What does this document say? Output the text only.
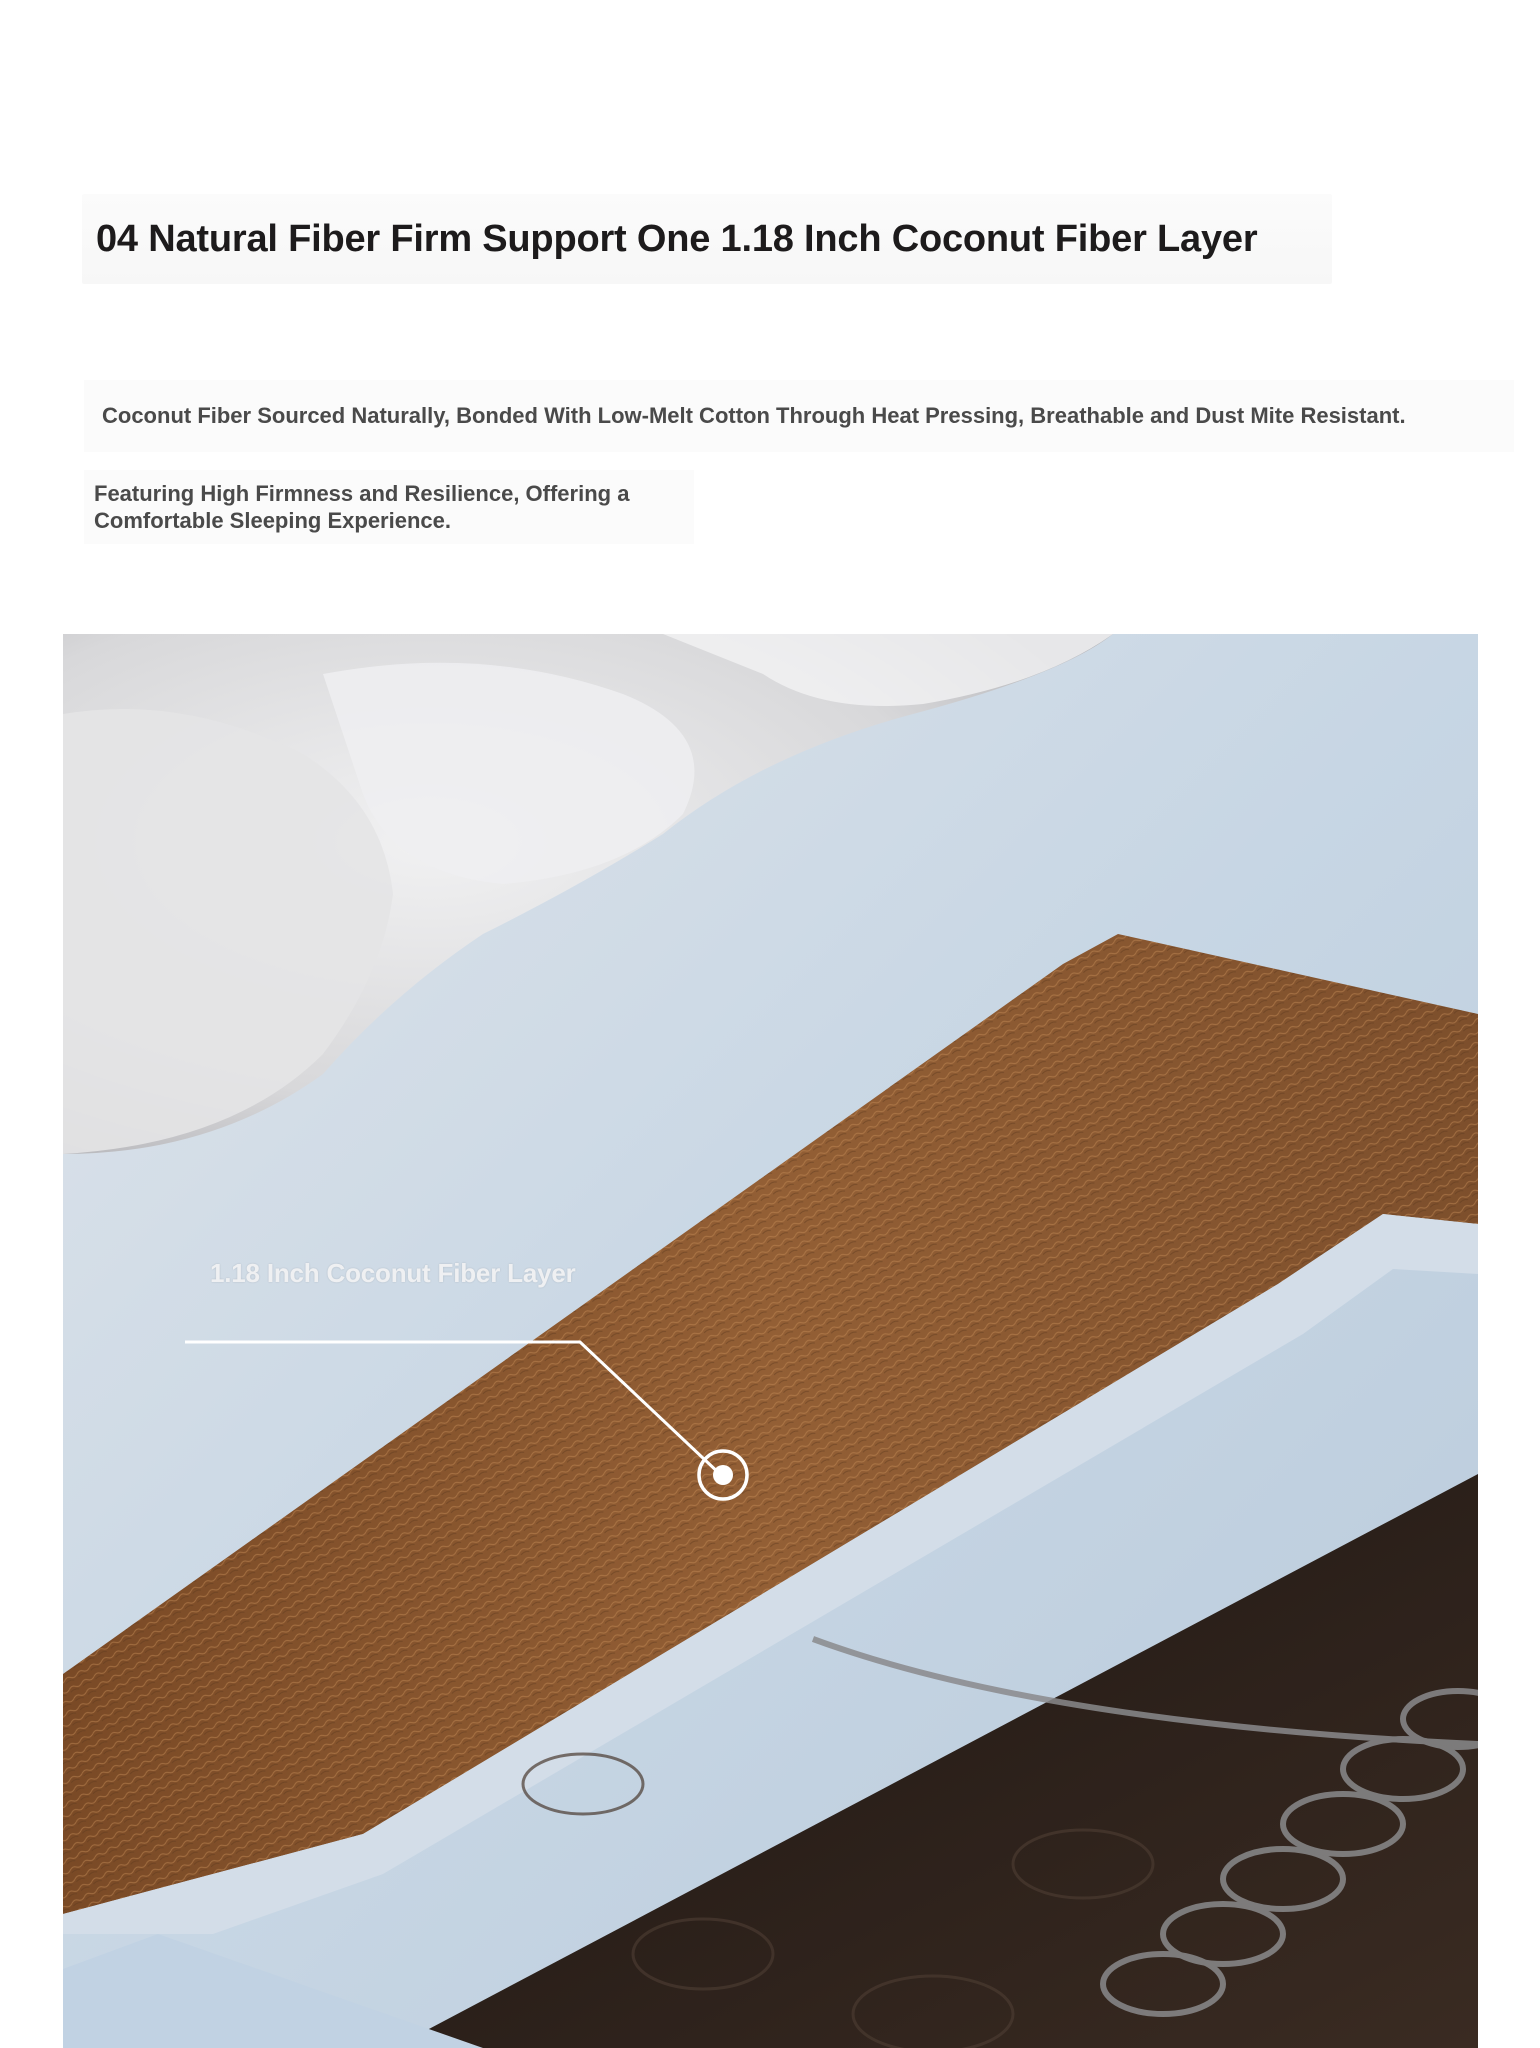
04 Natural Fiber Firm Support One 1.18 Inch Coconut Fiber Layer

Coconut Fiber Sourced Naturally, Bonded With Low-Melt Cotton Through Heat Pressing, Breathable and Dust Mite Resistant.

Featuring High Firmness and Resilience, Offering a

Comfortable Sleeping Experience.

1.18 Inch Coconut Fiber Layer
